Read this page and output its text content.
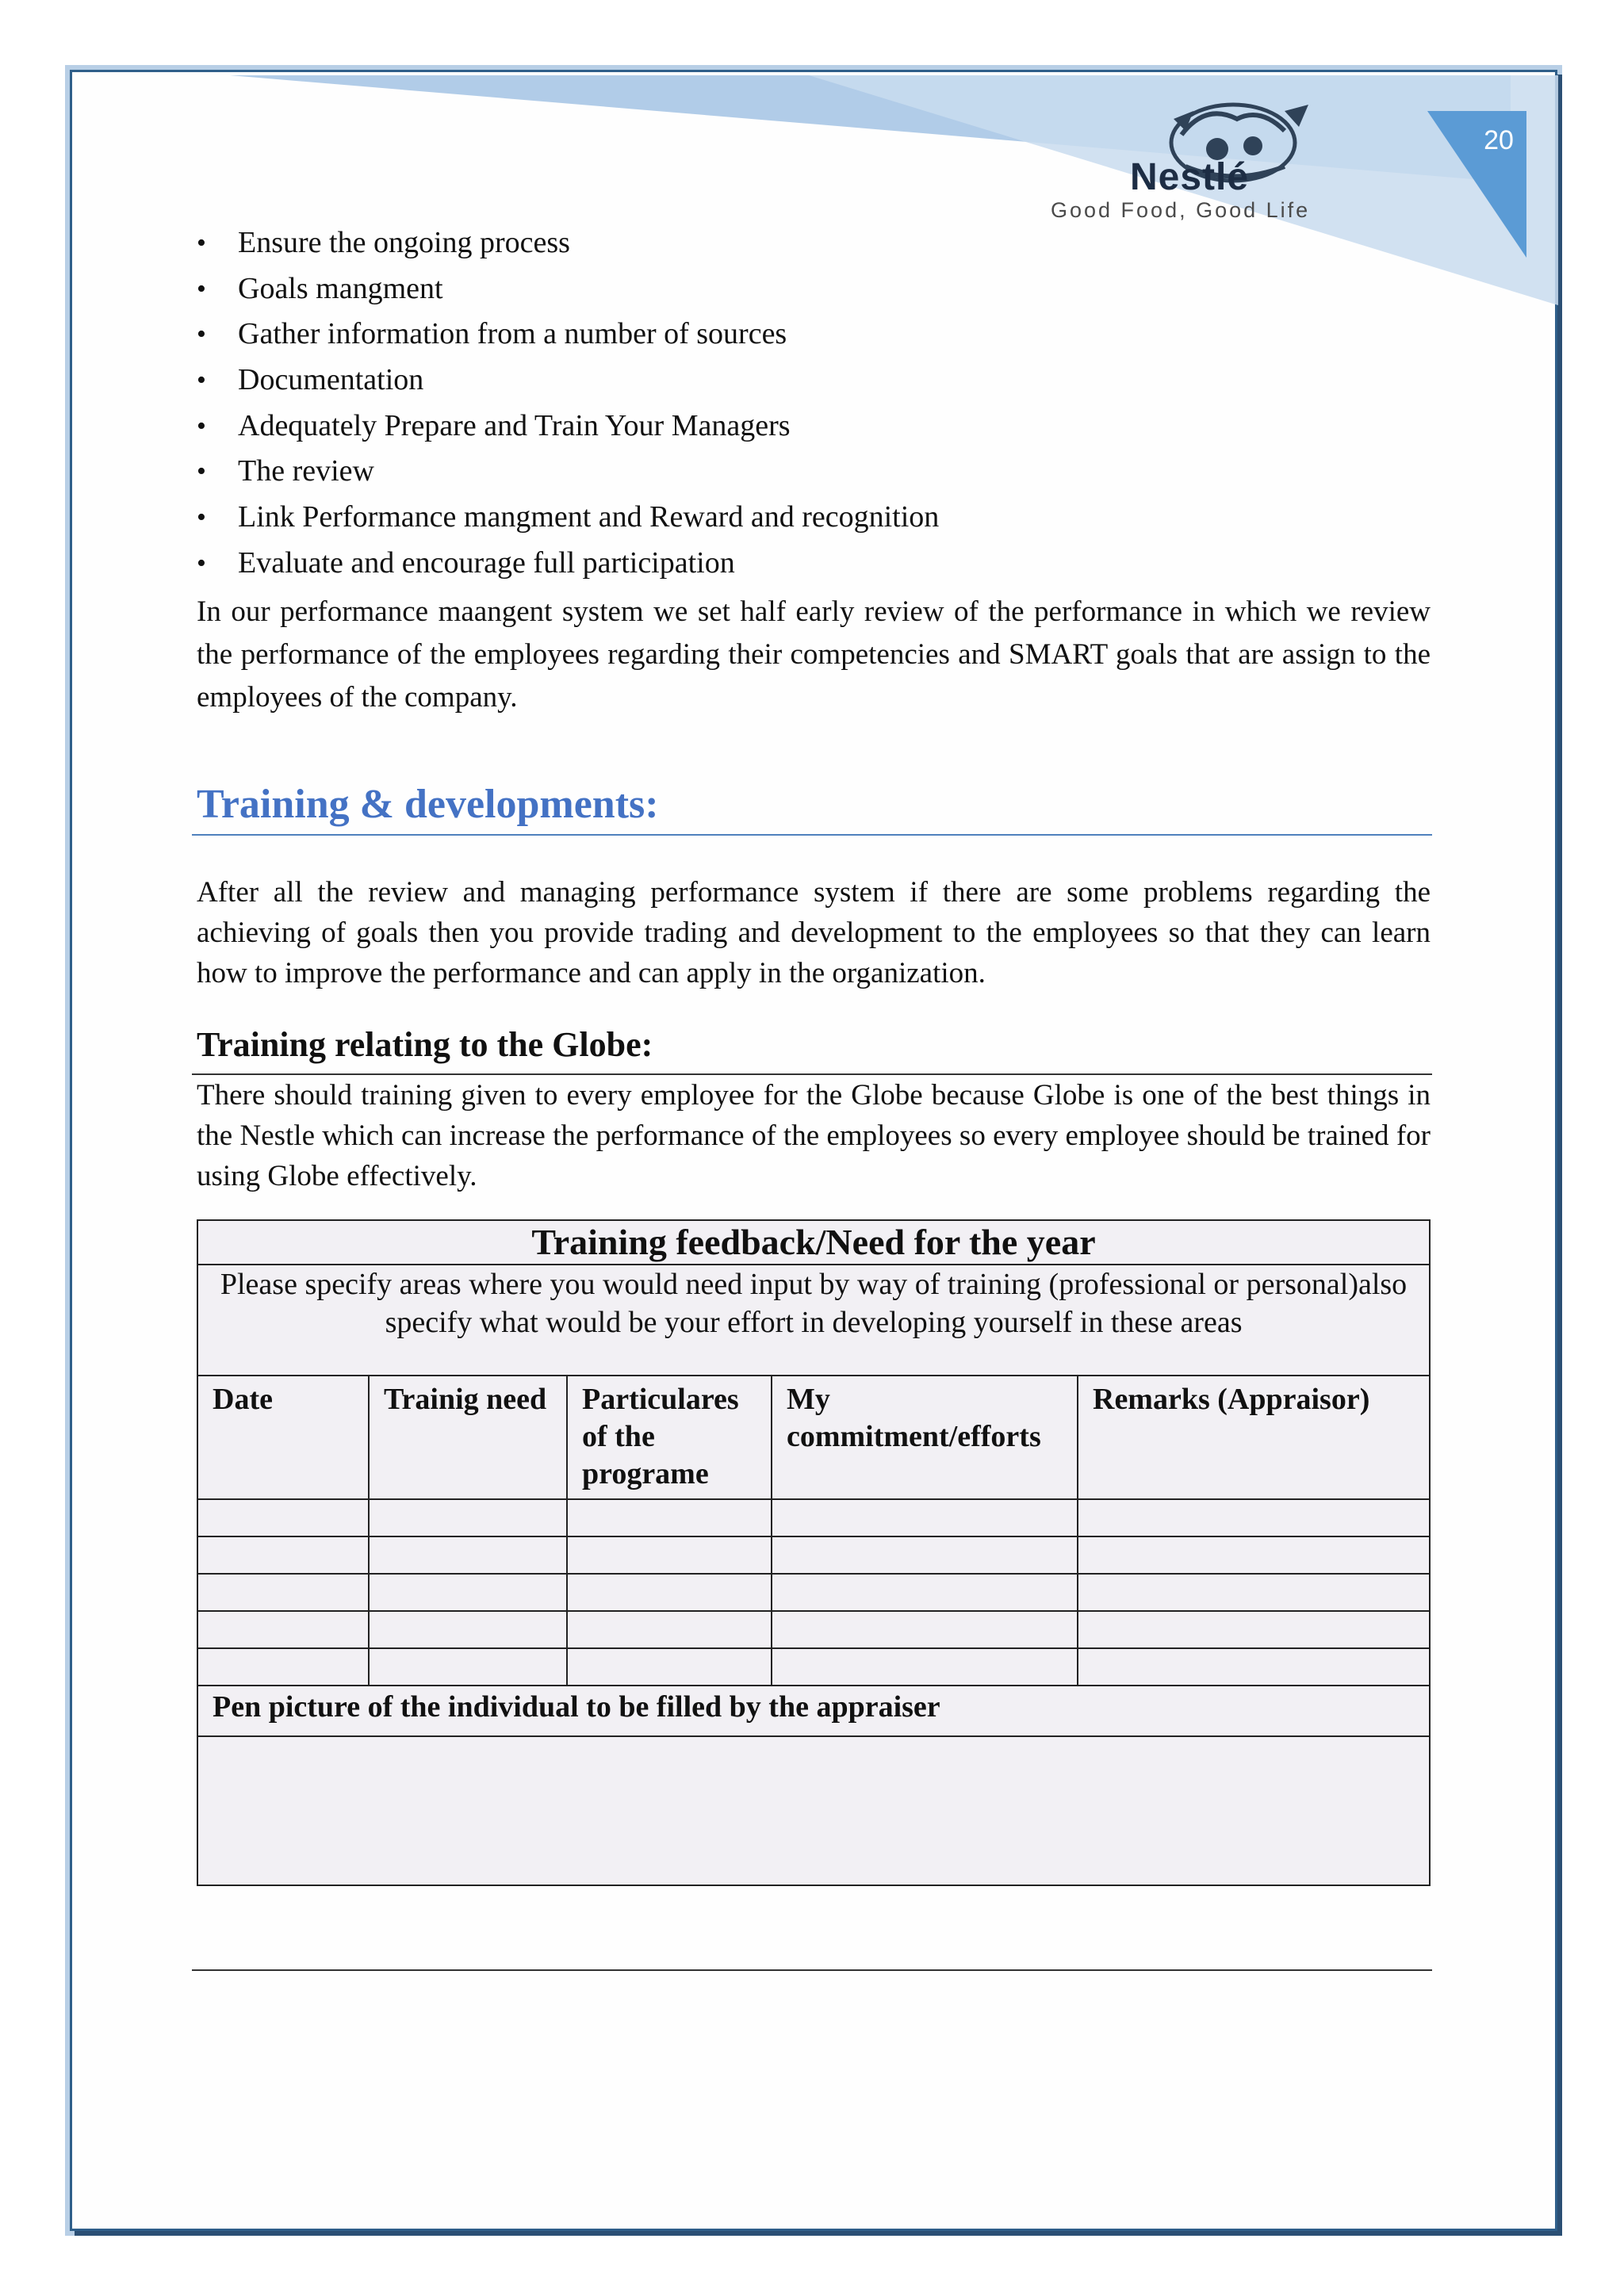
20
Nestlé
Good Food, Good Life
• Ensure the ongoing process
• Goals mangment
• Gather information from a number of sources
• Documentation
• Adequately Prepare and Train Your Managers
• The review
• Link Performance mangment and Reward and recognition
• Evaluate and encourage full participation

In our performance maangent system we set half early review of the performance in which we review the performance of the employees regarding their competencies and SMART goals that are assign to the employees of the company.

Training & developments:

After all the review and managing performance system if there are some problems regarding the achieving of goals then you provide trading and development to the employees so that they can learn how to improve the performance and can apply in the organization.

Training relating to the Globe:

There should training given to every employee for the Globe because Globe is one of the best things in the Nestle which can increase the performance of the employees so every employee should be trained for using Globe effectively.

Training feedback/Need for the year				
Please specify areas where you would need input by way of training (professional or personal)also specify what would be your effort in developing yourself in these areas				
Date	Trainig need	Particulares of the programe	My commitment/efforts	Remarks (Appraisor)

Pen picture of the individual to be filled by the appraiser				
